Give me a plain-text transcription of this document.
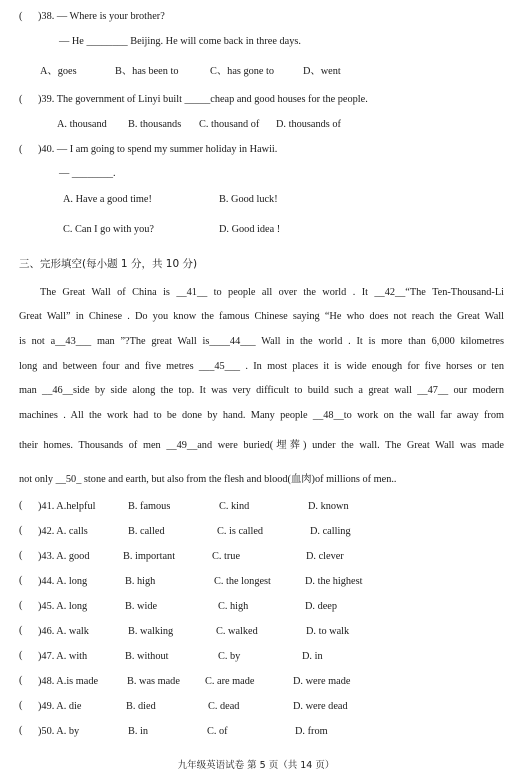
( )38. — Where is your brother?
— He ________ Beijing. He will come back in three days.
A、goes	B、has been to	C、has gone to	D、went
( )39. The government of Linyi built _____cheap and good houses for the people.
A. thousand B. thousands C. thousand of D. thousands of
( )40. — I am going to spend my summer holiday in Hawii.
— ________.
A. Have a good time!	B. Good luck!
C. Can I go with you?	D. Good idea !
三、完形填空(每小题 1 分，共 10 分)
The Great Wall of China is __41__ to people all over the world . It __42__“The Ten-Thousand-Li
Great Wall” in Chinese . Do you know the famous Chinese saying “He who does not reach the Great Wall
is not a__43___ man ”?The great Wall is____44___ Wall in the world . It is more than 6,000 kilometres
long and between four and five metres ___45___ . In most places it is wide enough for five horses or ten
man __46__side by side along the top. It was very difficult to build such a great wall __47__ our modern
machines . All the work had to be done by hand. Many people __48__to work on the wall far away from
their homes. Thousands of men __49__and were buried(埋葬) under the wall. The Great Wall was made
not only __50_ stone and earth, but also from the flesh and blood(血肉)of millions of men..
( )41. A.helpful	B. famous	C. kind	D. known
( )42. A. calls	B. called	C. is called	D. calling
( )43. A. good	B. important	C. true	D. clever
( )44. A. long	B. high	C. the longest	D. the highest
( )45. A. long	B. wide	C. high	D. deep
( )46. A. walk	B. walking	C. walked	D. to walk
( )47. A. with	B. without	C. by	D. in
( )48. A.is made	B. was made C. are made	D. were made
( )49. A. die	B. died	C. dead	D. were dead
( )50. A. by	B. in	C. of	D. from
九年级英语试卷 第 5 页（共 14 页）
